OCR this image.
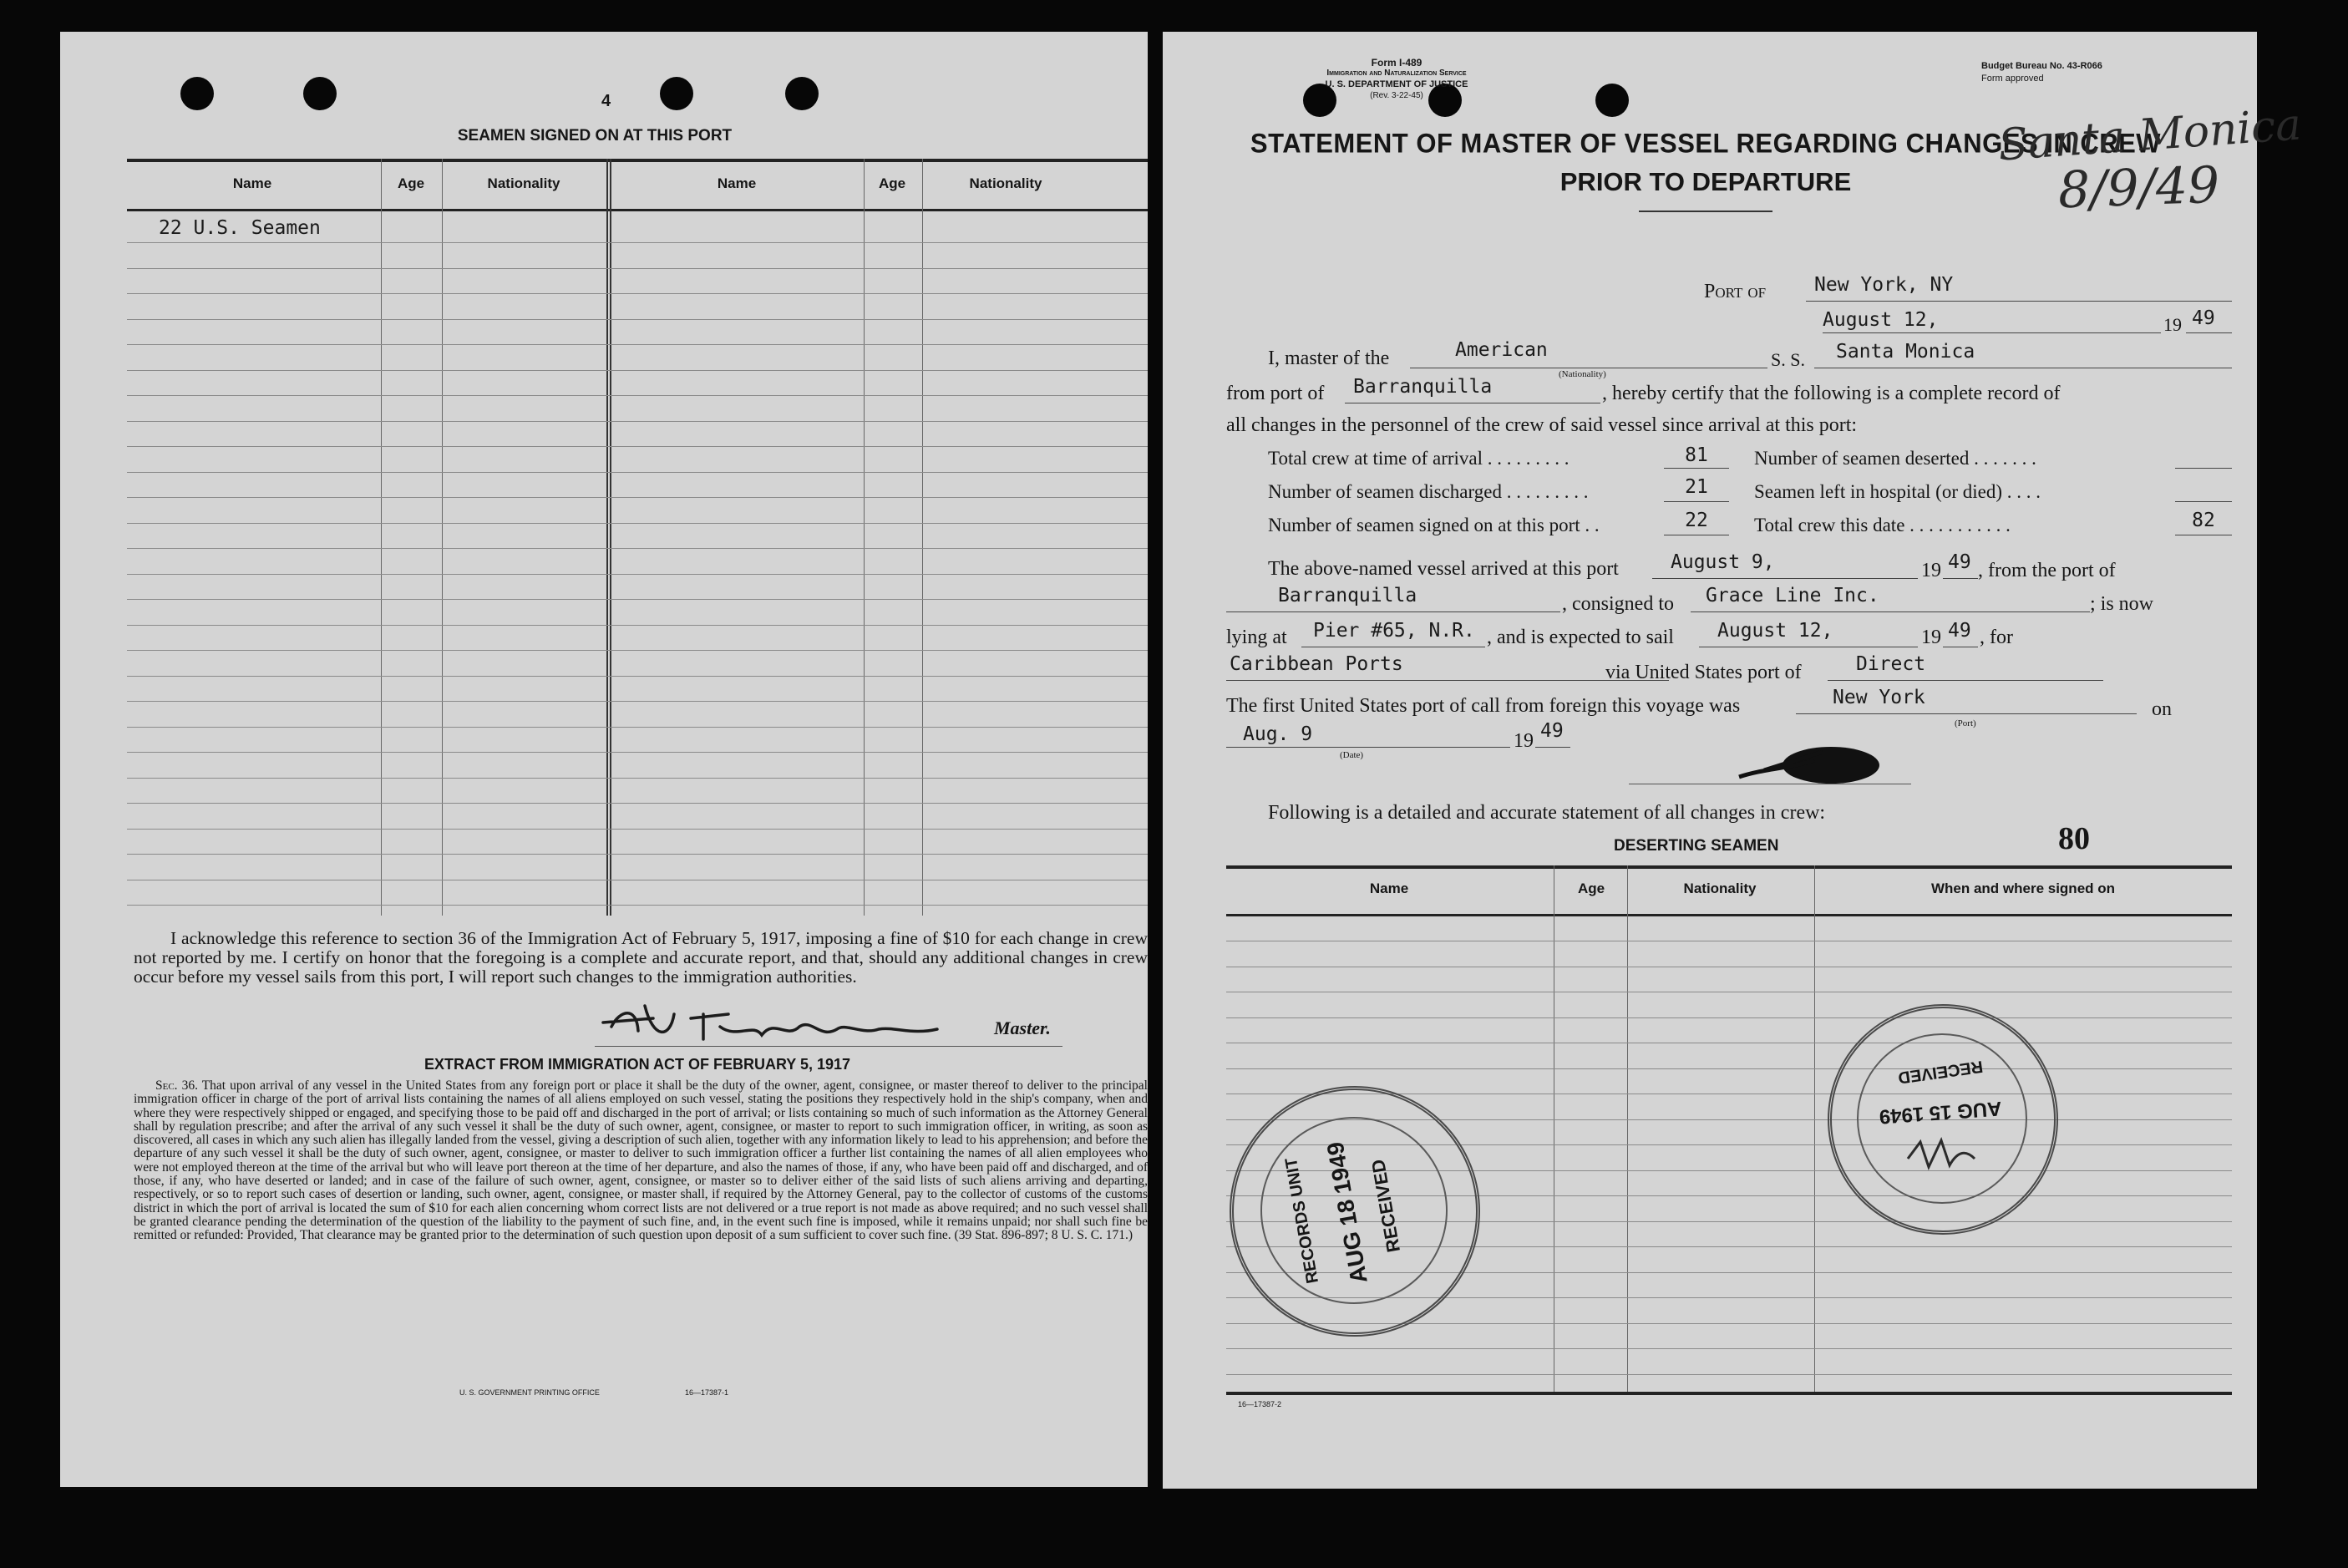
4
SEAMEN SIGNED ON AT THIS PORT
Name	Age	Nationality	Name	Age	Nationality
22 U.S. Seamen
I acknowledge this reference to section 36 of the Immigration Act of February 5, 1917, imposing a fine of $10 for each change in crew not reported by me. I certify on honor that the foregoing is a complete and accurate report, and that, should any additional changes in crew occur before my vessel sails from this port, I will report such changes to the immigration authorities.
Master.
EXTRACT FROM IMMIGRATION ACT OF FEBRUARY 5, 1917
Sec. 36. That upon arrival of any vessel in the United States from any foreign port or place it shall be the duty of the owner, agent, consignee, or master thereof to deliver to the principal immigration officer in charge of the port of arrival lists containing the names of all aliens employed on such vessel, stating the positions they respectively hold in the ship's company, when and where they were respectively shipped or engaged, and specifying those to be paid off and discharged in the port of arrival; or lists containing so much of such information as the Attorney General shall by regulation prescribe; and after the arrival of any such vessel it shall be the duty of such owner, agent, consignee, or master to report to such immigration officer, in writing, as soon as discovered, all cases in which any such alien has illegally landed from the vessel, giving a description of such alien, together with any information likely to lead to his apprehension; and before the departure of any such vessel it shall be the duty of such owner, agent, consignee, or master to deliver to such immigration officer a further list containing the names of all alien employees who were not employed thereon at the time of the arrival but who will leave port thereon at the time of her departure, and also the names of those, if any, who have been paid off and discharged, and of those, if any, who have deserted or landed; and in case of the failure of such owner, agent, consignee, or master so to deliver either of the said lists of such aliens arriving and departing, respectively, or so to report such cases of desertion or landing, such owner, agent, consignee, or master shall, if required by the Attorney General, pay to the collector of customs of the customs district in which the port of arrival is located the sum of $10 for each alien concerning whom correct lists are not delivered or a true report is not made as above required; and no such vessel shall be granted clearance pending the determination of the question of the liability to the payment of such fine, and, in the event such fine is imposed, while it remains unpaid; nor shall such fine be remitted or refunded: Provided, That clearance may be granted prior to the determination of such question upon deposit of a sum sufficient to cover such fine. (39 Stat. 896-897; 8 U. S. C. 171.)
U. S. GOVERNMENT PRINTING OFFICE	16—17387-1
Form I-489
Immigration and Naturalization Service
U. S. DEPARTMENT OF JUSTICE
(Rev. 3-22-45)
Budget Bureau No. 43-R066
Form approved
STATEMENT OF MASTER OF VESSEL REGARDING CHANGES IN CREW
PRIOR TO DEPARTURE
Santa Monica
8/9/49
Port of	New York, NY
August 12,	19 49
I, master of the	American
(Nationality)
S. S. Santa Monica
from port of Barranquilla	, hereby certify that the following is a complete record of
all changes in the personnel of the crew of said vessel since arrival at this port:
Total crew at time of arrival . . . . . . . . .	81
Number of seamen discharged . . . . . . . . .	21
Number of seamen signed on at this port . .	22
Number of seamen deserted . . . . . . .
Seamen left in hospital (or died) . . . .
Total crew this date . . . . . . . . . . .	82
The above-named vessel arrived at this port	August 9,	19 49 , from the port of
Barranquilla	, consigned to Grace Line Inc.	; is now
lying at Pier #65, N.R. , and is expected to sail August 12,	19 49 , for
Caribbean Ports	via United States port of	Direct
The first United States port of call from foreign this voyage was	New York
(Port)
on
Aug. 9
(Date)
19 49
Following is a detailed and accurate statement of all changes in crew:
DESERTING SEAMEN	80
Name	Age	Nationality	When and where signed on
16—17387-2
RECORDS UNIT AUG 18 1949
RECEIVED
RECEIVED
AUG 15 1949
